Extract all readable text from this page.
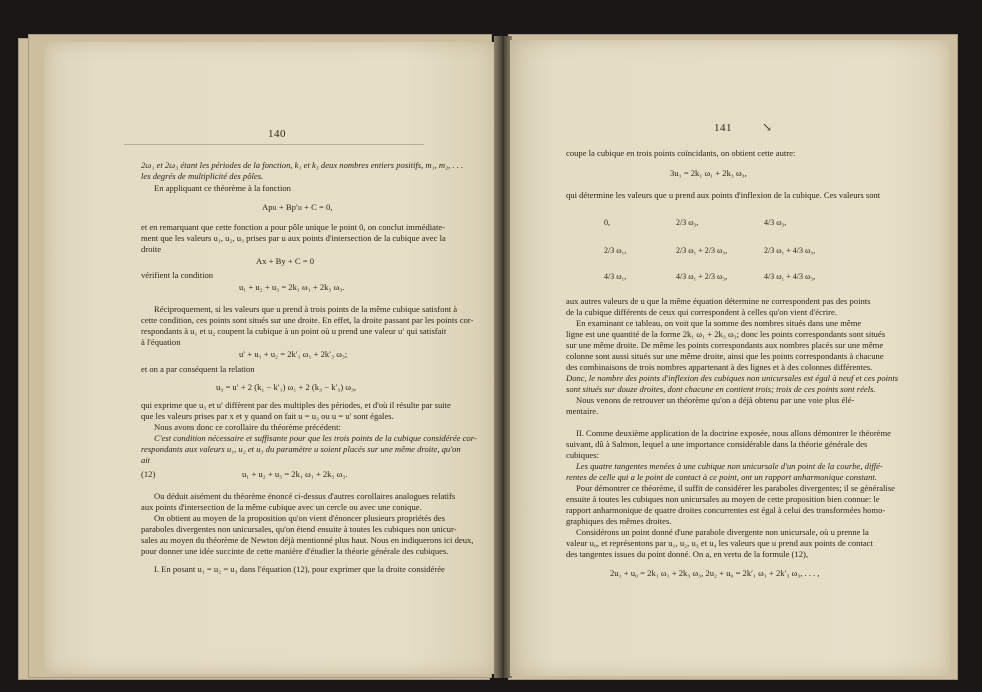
140
2ω₁ et 2ω₃ étant les périodes de la fonction, k₁ et k₃ deux nombres entiers positifs, m₁, m₂, . . .
les degrés de multiplicité des pôles.
En appliquant ce théorème à la fonction
Ap𝔲 + Bp′𝔲 + C = 0,
et en remarquant que cette fonction a pour pôle unique le point 0, on conclut immédiate-
ment que les valeurs u₁, u₂, u₃ prises par u aux points d'intersection de la cubique avec la
droite
Ax + By + C = 0
vérifient la condition
u₁ + u₂ + u₃ = 2k₁ ω₁ + 2k₃ ω₃.
Réciproquement, si les valeurs que u prend à trois points de la même cubique satisfont à
cette condition, ces points sont situés sur une droite. En effet, la droite passant par les points cor-
respondants à u₁ et u₂ coupent la cubique à un point où u prend une valeur u′ qui satisfait
à l'équation
u′ + u₁ + u₂ = 2k′₁ ω₁ + 2k′₃ ω₃;
et on a par conséquent la relation
u₃ = u′ + 2 (k₁ − k′₁) ω₁ + 2 (k₃ − k′₃) ω₃,
qui exprime que u₃ et u′ diffèrent par des multiples des périodes, et d'où il résulte par suite
que les valeurs prises par x et y quand on fait u = u₃ ou u = u′ sont égales.
Nous avons donc ce corollaire du théorème précédent:
C'est condition nécessaire et suffisante pour que les trois points de la cubique considérée cor-
respondants aux valeurs u₁, u₂ et u₃ du paramètre u soient placés sur une même droite, qu'on
ait
(12)	u₁ + u₂ + u₃ = 2k₁ ω₁ + 2k₃ ω₃.
Ou déduit aisément du théorème énoncé ci-dessus d'autres corollaires analogues relatifs
aux points d'intersection de la même cubique avec un cercle ou avec une conique.
On obtient au moyen de la proposition qu'on vient d'énoncer plusieurs propriétés des
paraboles divergentes non unicursales, qu'on étend ensuite à toutes les cubiques non unicur-
sales au moyen du théorème de Newton déjà mentionné plus haut. Nous en indiquerons ici deux,
pour donner une idée succinte de cette manière d'étudier la théorie générale des cubiques.
I. En posant u₁ = u₂ = u₃ dans l'équation (12), pour exprimer que la droite considérée
141	↘
coupe la cubique en trois points coïncidants, on obtient cette autre:
3u₁ = 2k₁ ω₁ + 2k₃ ω₃,
qui détermine les valeurs que u prend aux points d'inflexion de la cubique. Ces valeurs sont
0,	2/3 ω₃,	4/3 ω₃,
2/3 ω₁,	2/3 ω₁ + 2/3 ω₃,	2/3 ω₁ + 4/3 ω₃,
4/3 ω₁,	4/3 ω₁ + 2/3 ω₃,	4/3 ω₁ + 4/3 ω₃,
aux autres valeurs de u que la même équation détermine ne correspondent pas des points
de la cubique différents de ceux qui correspondent à celles qu'on vient d'écrire.
En examinant ce tableau, on voit que la somme des nombres situés dans une même
ligne est une quantité de la forme 2k₁ ω₁ + 2k₃ ω₃; donc les points correspondants sont situés
sur une même droite. De même les points correspondants aux nombres placés sur une même
colonne sont aussi situés sur une même droite, ainsi que les points correspondants à chacune
des combinaisons de trois nombres appartenant à des lignes et à des colonnes différentes.
Donc, le nombre des points d'inflexion des cubiques non unicursales est égal à neuf et ces points
sont situés sur douze droites, dont chacune en contient trois; trois de ces points sont réels.
Nous venons de retrouver un théorème qu'on a déjà obtenu par une voie plus élé-
mentaire.
II. Comme deuxième application de la doctrine exposée, nous allons démontrer le théorème
suivant, dû à Salmon, lequel a une importance considérable dans la théorie générale des
cubiques:
Les quatre tangentes menées à une cubique non unicursale d'un point de la courbe, diffé-
rentes de celle qui a le point de contact à ce point, ont un rapport anharmonique constant.
Pour démontrer ce théorème, il suffit de considérer les paraboles divergentes; il se généralise
ensuite à toutes les cubiques non unicursales au moyen de cette proposition bien connue: le
rapport anharmonique de quatre droites concurrentes est égal à celui des transformées homo-
graphiques des mêmes droites.
Considérons un point donné d'une parabole divergente non unicursale, où u prenne la
valeur u₀, et représentons par u₁, u₂, u₃ et u₄ les valeurs que u prend aux points de contact
des tangentes issues du point donné. On a, en vertu de la formule (12),
2u₁ + u₀ = 2k₁ ω₁ + 2k₃ ω₃, 2u₂ + u₀ = 2k′₁ ω₁ + 2k′₃ ω₃, . . . ,
